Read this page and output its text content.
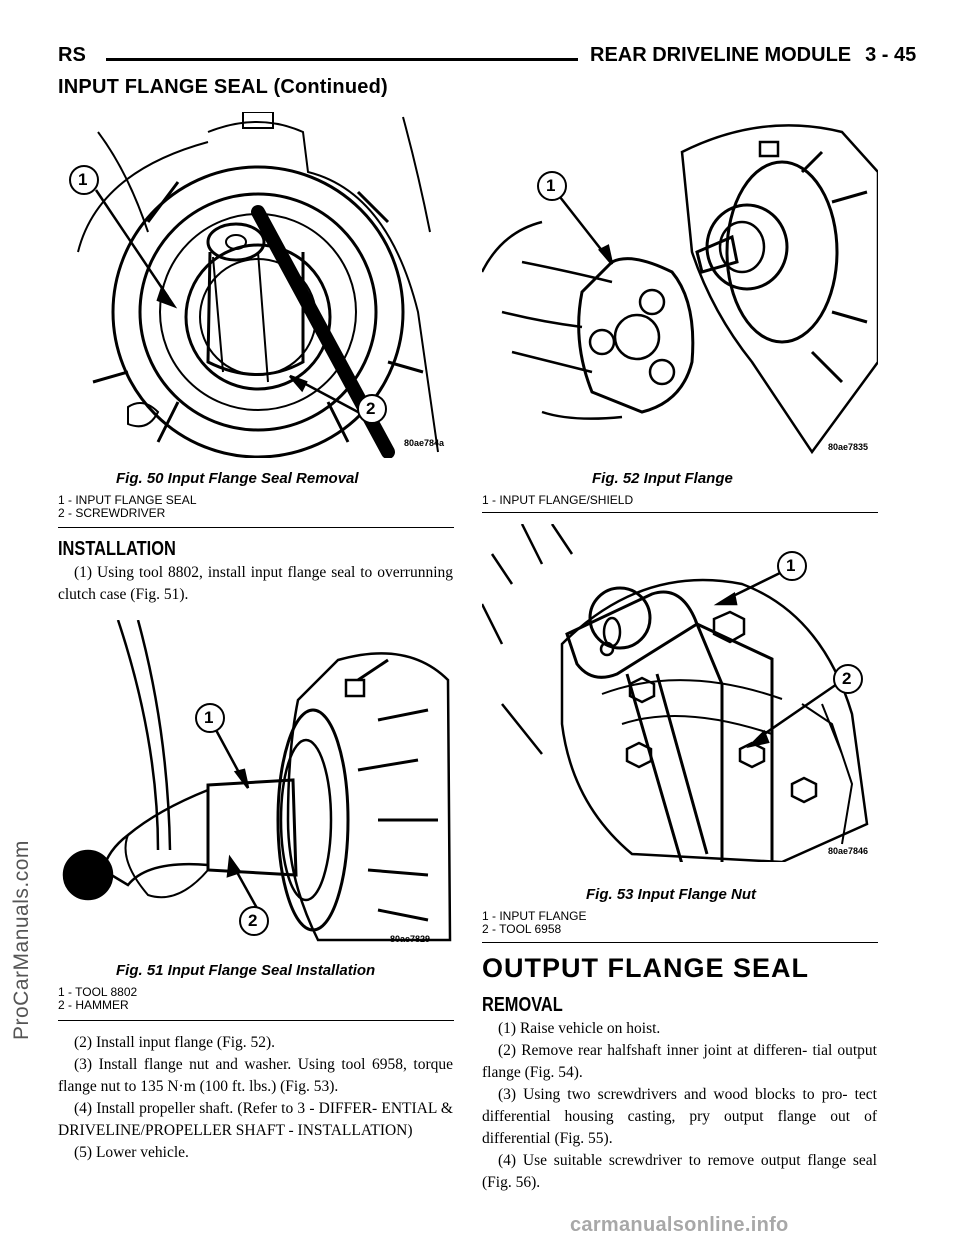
RS	REAR DRIVELINE MODULE 3 - 45
INPUT FLANGE SEAL (Continued)
1
2
80ae784a
Fig. 50 Input Flange Seal Removal
1 - INPUT FLANGE SEAL
2 - SCREWDRIVER
INSTALLATION

(1) Using tool 8802, install input flange seal to overrunning clutch case (Fig. 51).

1
2
80ae7829
Fig. 51 Input Flange Seal Installation
1 - TOOL 8802
2 - HAMMER

(2) Install input flange (Fig. 52).

(3) Install flange nut and washer. Using tool 6958, torque flange nut to 135 N·m (100 ft. lbs.) (Fig. 53).

(4) Install propeller shaft. (Refer to 3 - DIFFER- ENTIAL & DRIVELINE/PROPELLER SHAFT - INSTALLATION)

(5) Lower vehicle.

1
80ae7835
Fig. 52 Input Flange
1 - INPUT FLANGE/SHIELD
1
2
80ae7846
Fig. 53 Input Flange Nut
1 - INPUT FLANGE
2 - TOOL 6958
OUTPUT FLANGE SEAL
REMOVAL

(1) Raise vehicle on hoist.

(2) Remove rear halfshaft inner joint at differen- tial output flange (Fig. 54).

(3) Using two screwdrivers and wood blocks to pro- tect differential housing casting, pry output flange out of differential (Fig. 55).

(4) Use suitable screwdriver to remove output flange seal (Fig. 56).

ProCarManuals.com
carmanualsonline.info
